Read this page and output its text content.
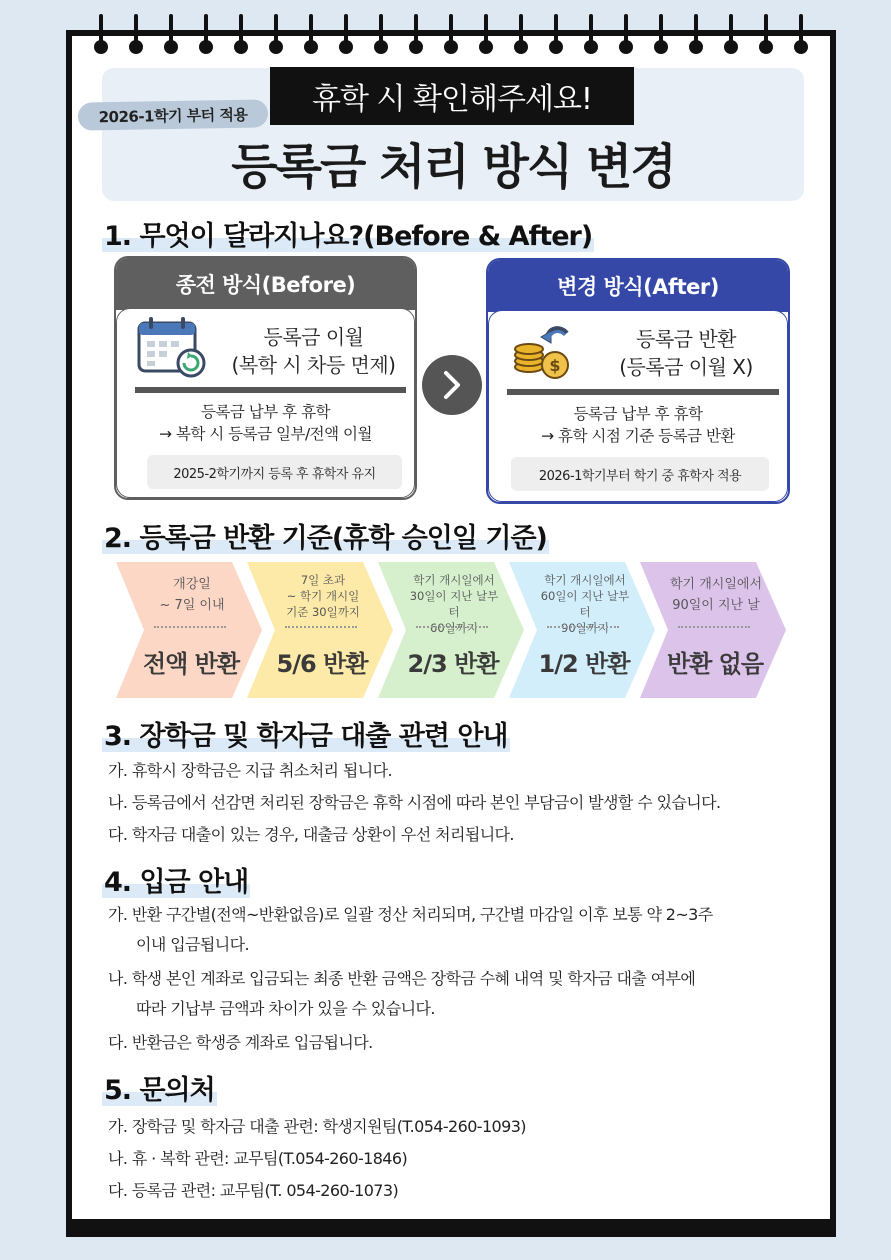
휴학 시 확인해주세요!
2026-1학기 부터 적용
등록금 처리 방식 변경
1. 무엇이 달라지나요?(Before & After)
종전 방식(Before)
등록금 이월
(복학 시 차등 면제)
등록금 납부 후 휴학
→ 복학 시 등록금 일부/전액 이월
2025-2학기까지 등록 후 휴학자 유지
변경 방식(After)
$
등록금 반환
(등록금 이월 X)
등록금 납부 후 휴학
→ 휴학 시점 기준 등록금 반환
2026-1학기부터 학기 중 휴학자 적용
2. 등록금 반환 기준(휴학 승인일 기준)
개강일
~ 7일 이내
전액 반환
7일 초과
~ 학기 개시일
기준 30일까지
5/6 반환
학기 개시일에서
30일이 지난 날부터
60일까지
2/3 반환
학기 개시일에서
60일이 지난 날부터
90일까지
1/2 반환
학기 개시일에서
90일이 지난 날
반환 없음
3. 장학금 및 학자금 대출 관련 안내
가. 휴학시 장학금은 지급 취소처리 됩니다.
나. 등록금에서 선감면 처리된 장학금은 휴학 시점에 따라 본인 부담금이 발생할 수 있습니다.
다. 학자금 대출이 있는 경우, 대출금 상환이 우선 처리됩니다.
4. 입금 안내
가. 반환 구간별(전액~반환없음)로 일괄 정산 처리되며, 구간별 마감일 이후 보통 약 2~3주
이내 입금됩니다.
나. 학생 본인 계좌로 입금되는 최종 반환 금액은 장학금 수혜 내역 및 학자금 대출 여부에
따라 기납부 금액과 차이가 있을 수 있습니다.
다. 반환금은 학생증 계좌로 입금됩니다.
5. 문의처
가. 장학금 및 학자금 대출 관련: 학생지원팀(T.054-260-1093)
나. 휴 · 복학 관련: 교무팀(T.054-260-1846)
다. 등록금 관련: 교무팀(T. 054-260-1073)
